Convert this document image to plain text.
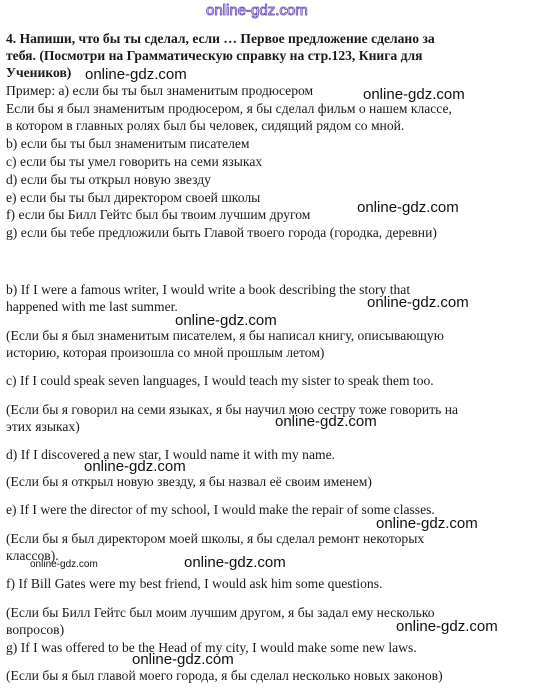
online-gdz.com
4. Напиши, что бы ты сделал, если … Первое предложение сделано за
тебя. (Посмотри на Грамматическую справку на стр.123, Книга для
Учеников)
Пример: а) если бы ты был знаменитым продюсером
Если бы я был знаменитым продюсером, я бы сделал фильм о нашем классе,
в котором в главных ролях был бы человек, сидящий рядом со мной.
b) если бы ты был знаменитым писателем
c) если бы ты умел говорить на семи языках
d) если бы ты открыл новую звезду
e) если бы ты был директором своей школы
f) если бы Билл Гейтс был бы твоим лучшим другом
g) если бы тебе предложили быть Главой твоего города (городка, деревни)
b) If I were a famous writer, I would write a book describing the story that
happened with me last summer.
(Если бы я был знаменитым писателем, я бы написал книгу, описывающую
историю, которая произошла со мной прошлым летом)
c) If I could speak seven languages, I would teach my sister to speak them too.
(Если бы я говорил на семи языках, я бы научил мою сестру тоже говорить на
этих языках)
d) If I discovered a new star, I would name it with my name.
(Если бы я открыл новую звезду, я бы назвал её своим именем)
e) If I were the director of my school, I would make the repair of some classes.
(Если бы я был директором моей школы, я бы сделал ремонт некоторых
классов).
f) If Bill Gates were my best friend, I would ask him some questions.
(Если бы Билл Гейтс был моим лучшим другом, я бы задал ему несколько
вопросов)
g) If I was offered to be the Head of my city, I would make some new laws.
(Если бы я был главой моего города, я бы сделал несколько новых законов)
online-gdz.com
online-gdz.com
online-gdz.com
online-gdz.com
online-gdz.com
online-gdz.com
online-gdz.com
online-gdz.com
online-gdz.com	online-gdz.com
online-gdz.com
online-gdz.com
